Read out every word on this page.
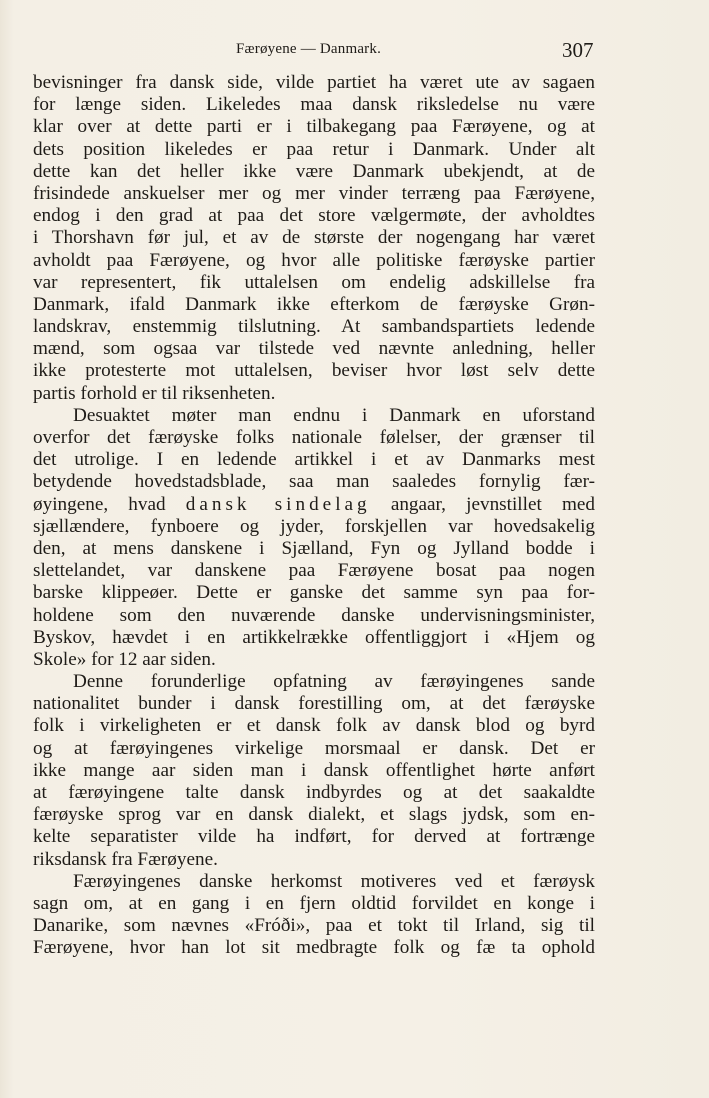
Færøyene — Danmark.	307
bevisninger fra dansk side, vilde partiet ha været ute av sagaen
for længe siden. Likeledes maa dansk riksledelse nu være
klar over at dette parti er i tilbakegang paa Færøyene, og at
dets position likeledes er paa retur i Danmark. Under alt
dette kan det heller ikke være Danmark ubekjendt, at de
frisindede anskuelser mer og mer vinder terræng paa Færøyene,
endog i den grad at paa det store vælgermøte, der avholdtes
i Thorshavn før jul, et av de største der nogengang har været
avholdt paa Færøyene, og hvor alle politiske færøyske partier
var representert, fik uttalelsen om endelig adskillelse fra
Danmark, ifald Danmark ikke efterkom de færøyske Grøn-
landskrav, enstemmig tilslutning. At sambandspartiets ledende
mænd, som ogsaa var tilstede ved nævnte anledning, heller
ikke protesterte mot uttalelsen, beviser hvor løst selv dette
partis forhold er til riksenheten.
Desuaktet møter man endnu i Danmark en uforstand
overfor det færøyske folks nationale følelser, der grænser til
det utrolige. I en ledende artikkel i et av Danmarks mest
betydende hovedstadsblade, saa man saaledes fornylig fær-
øyingene, hvad dansk sindelag angaar, jevnstillet med
sjællændere, fynboere og jyder, forskjellen var hovedsakelig
den, at mens danskene i Sjælland, Fyn og Jylland bodde i
slettelandet, var danskene paa Færøyene bosat paa nogen
barske klippeøer. Dette er ganske det samme syn paa for-
holdene som den nuværende danske undervisningsminister,
Byskov, hævdet i en artikkelrække offentliggjort i «Hjem og
Skole» for 12 aar siden.
Denne forunderlige opfatning av færøyingenes sande
nationalitet bunder i dansk forestilling om, at det færøyske
folk i virkeligheten er et dansk folk av dansk blod og byrd
og at færøyingenes virkelige morsmaal er dansk. Det er
ikke mange aar siden man i dansk offentlighet hørte anført
at færøyingene talte dansk indbyrdes og at det saakaldte
færøyske sprog var en dansk dialekt, et slags jydsk, som en-
kelte separatister vilde ha indført, for derved at fortrænge
riksdansk fra Færøyene.
Færøyingenes danske herkomst motiveres ved et færøysk
sagn om, at en gang i en fjern oldtid forvildet en konge i
Danarike, som nævnes «Fróði», paa et tokt til Irland, sig til
Færøyene, hvor han lot sit medbragte folk og fæ ta ophold
